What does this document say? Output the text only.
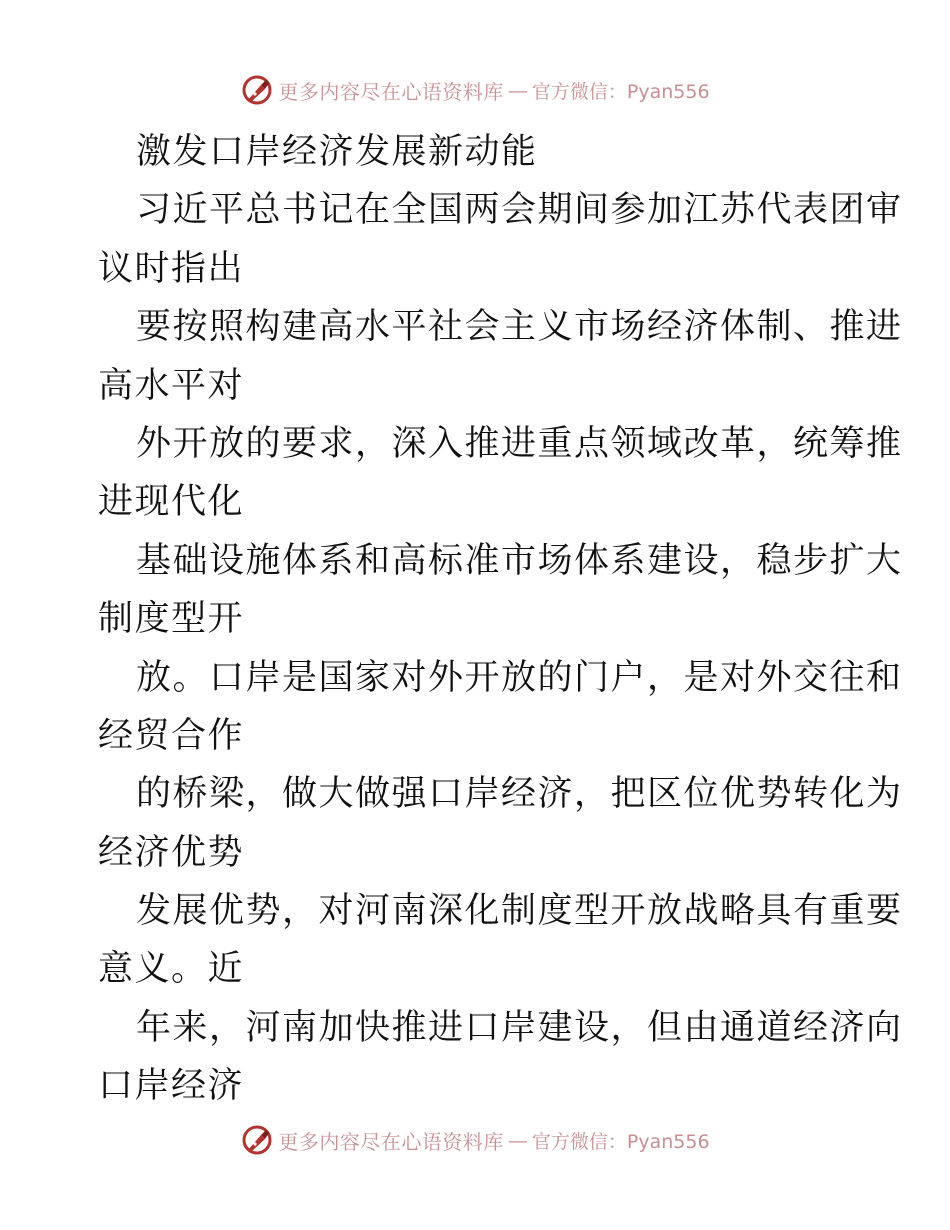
更多内容尽在心语资料库 — 官方微信：Pyan556
激发口岸经济发展新动能
习近平总书记在全国两会期间参加江苏代表团审
议时指出
要按照构建高水平社会主义市场经济体制、推进
高水平对
外开放的要求，深入推进重点领域改革，统筹推
进现代化
基础设施体系和高标准市场体系建设，稳步扩大
制度型开
放。口岸是国家对外开放的门户，是对外交往和
经贸合作
的桥梁，做大做强口岸经济，把区位优势转化为
经济优势
发展优势，对河南深化制度型开放战略具有重要
意义。近
年来，河南加快推进口岸建设，但由通道经济向
口岸经济
更多内容尽在心语资料库 — 官方微信：Pyan556
